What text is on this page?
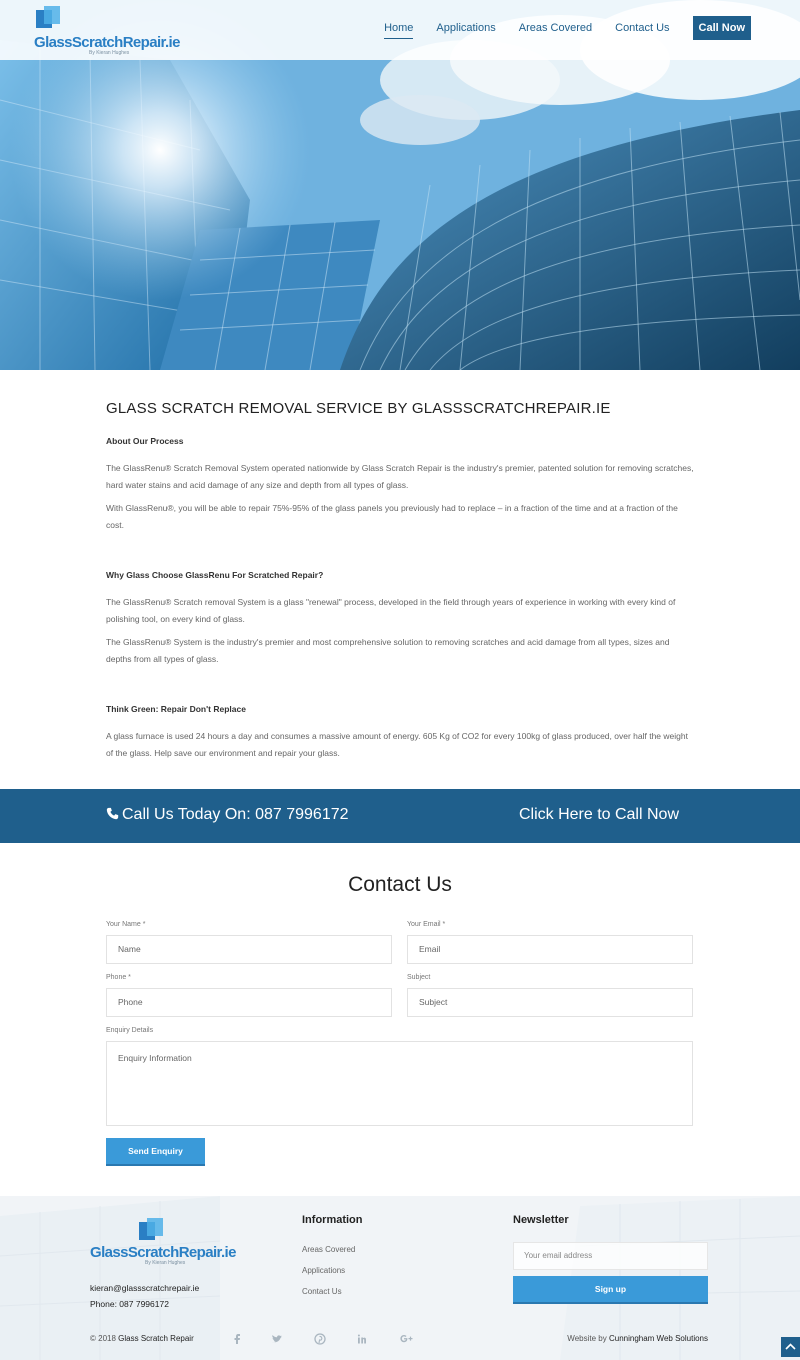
GlassScratchRepair.ie
By Kieran Hughes
Home Applications Areas Covered Contact Us	Call Now
GLASS SCRATCH REMOVAL SERVICE BY GLASSSCRATCHREPAIR.IE
About Our Process

The GlassRenu® Scratch Removal System operated nationwide by Glass Scratch Repair is the industry's premier, patented solution for removing scratches, hard water stains and acid damage of any size and depth from all types of glass.

With GlassRenu®, you will be able to repair 75%-95% of the glass panels you previously had to replace – in a fraction of the time and at a fraction of the cost.

Why Glass Choose GlassRenu For Scratched Repair?

The GlassRenu® Scratch removal System is a glass "renewal" process, developed in the field through years of experience in working with every kind of polishing tool, on every kind of glass.

The GlassRenu® System is the industry's premier and most comprehensive solution to removing scratches and acid damage from all types, sizes and depths from all types of glass.

Think Green: Repair Don't Replace

A glass furnace is used 24 hours a day and consumes a massive amount of energy. 605 Kg of CO2 for every 100kg of glass produced, over half the weight of the glass. Help save our environment and repair your glass.

Call Us Today On: 087 7996172	Click Here to Call Now
Contact Us
Your Name *
Name
Your Email *
Email
Phone *
Phone
Subject
Subject
Enquiry Details
Enquiry Information
Send Enquiry
GlassScratchRepair.ie
By Kieran Hughes
kieran@glassscratchrepair.ie
Phone: 087 7996172
Information
Areas Covered
Applications
Contact Us
Newsletter
Your email address
Sign up
© 2018 Glass Scratch Repair	Website by Cunningham Web Solutions
